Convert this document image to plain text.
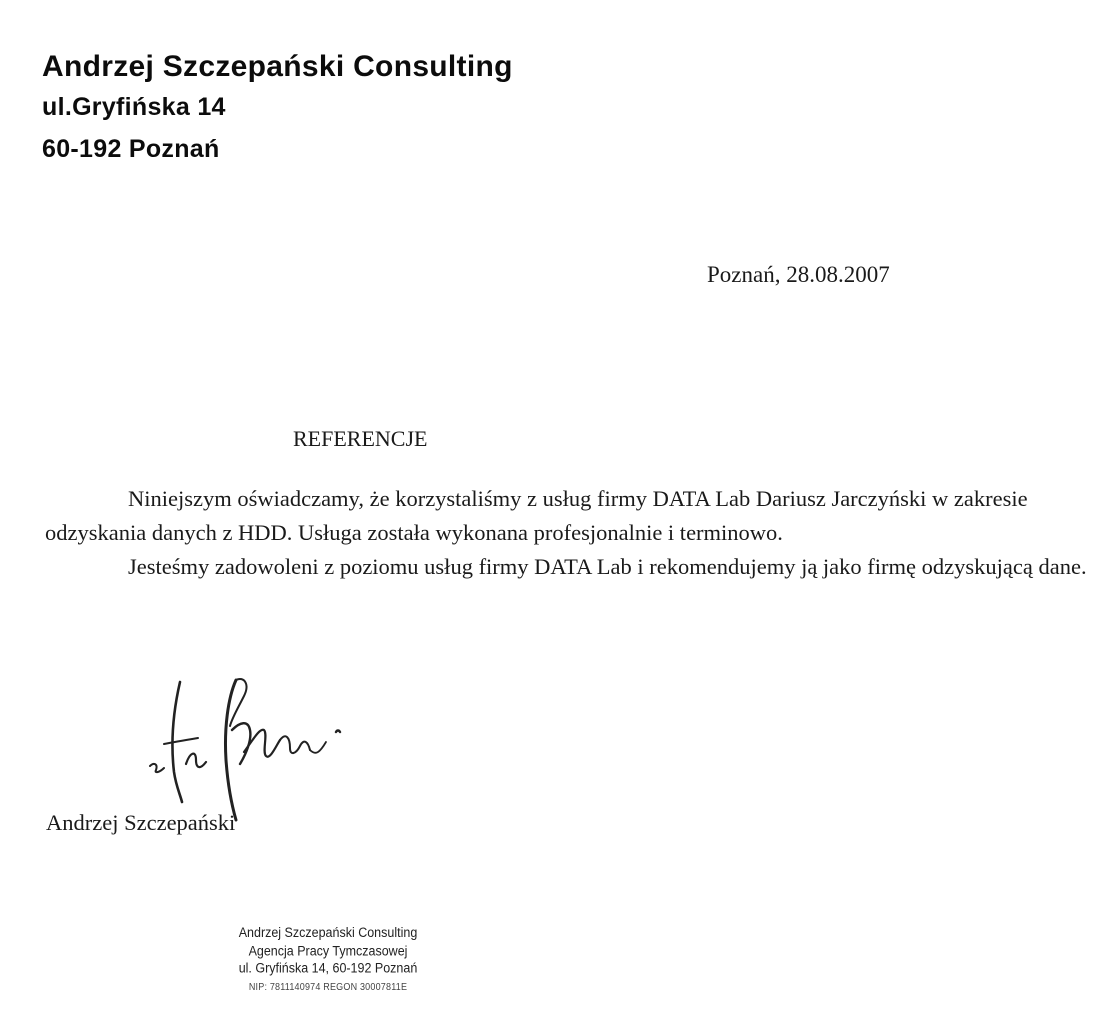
Andrzej Szczepański Consulting
ul.Gryfińska 14
60-192 Poznań
Poznań, 28.08.2007
REFERENCJE

Niniejszym oświadczamy, że korzystaliśmy z usług firmy DATA Lab Dariusz Jarczyński w zakresie odzyskania danych z HDD. Usługa została wykonana profesjonalnie i terminowo.

Jesteśmy zadowoleni z poziomu usług firmy DATA Lab i rekomendujemy ją jako firmę odzyskującą dane.

Andrzej Szczepański
Andrzej Szczepański Consulting
Agencja Pracy Tymczasowej
ul. Gryfińska 14, 60-192 Poznań
NIP: 7811140974 REGON 30007811E
